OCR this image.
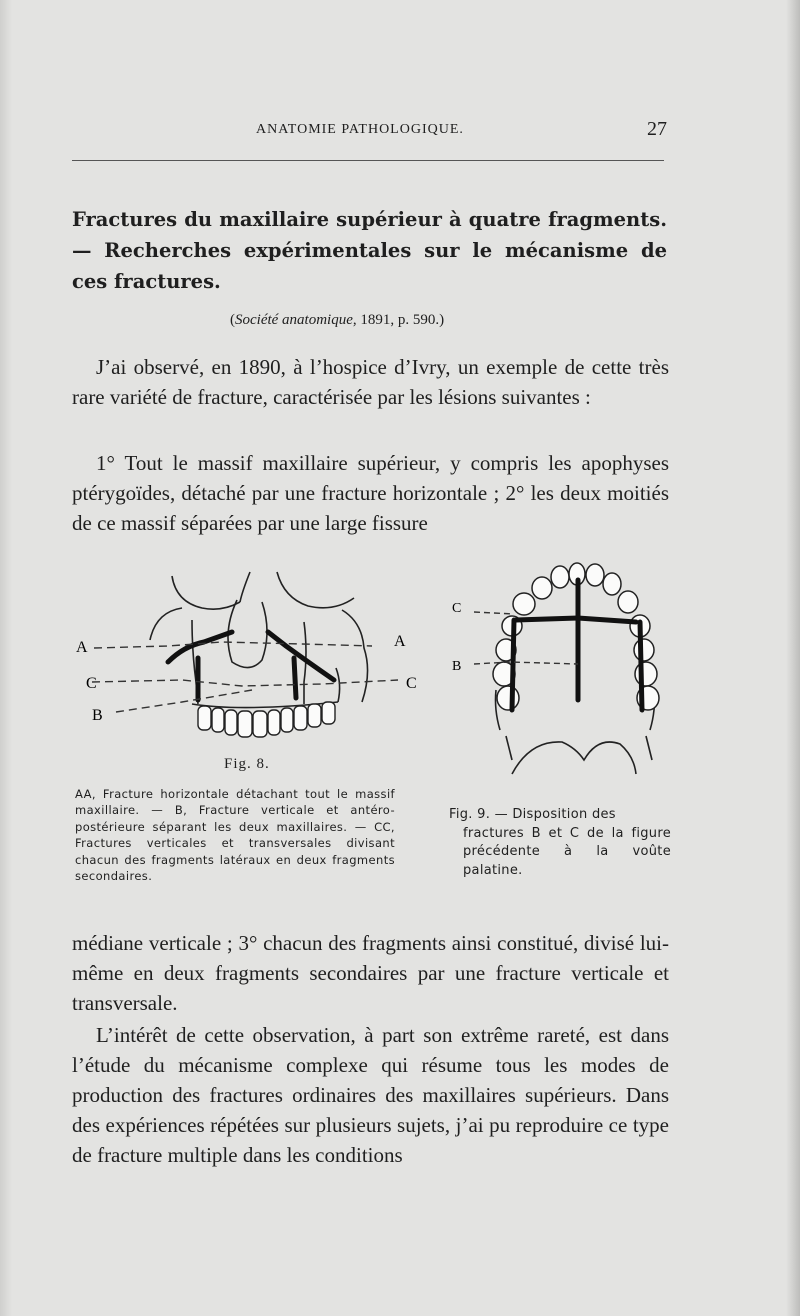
ANATOMIE PATHOLOGIQUE.	27
Fractures du maxillaire supérieur à quatre fragments. — Recherches expérimentales sur le mécanisme de ces fractures.
(Société anatomique, 1891, p. 590.)

J’ai observé, en 1890, à l’hospice d’Ivry, un exemple de cette très rare variété de fracture, caractérisée par les lésions suivantes :

1° Tout le massif maxillaire supérieur, y compris les apophyses ptérygoïdes, détaché par une fracture horizontale ; 2° les deux moitiés de ce massif séparées par une large fissure

A	A
C	C
B
Fig. 8.
C
B

AA, Fracture horizontale détachant tout le massif maxillaire. — B, Fracture verticale et antéro-postérieure séparant les deux maxillaires. — CC, Fractures verticales et transversales divisant chacun des fragments latéraux en deux fragments secondaires.

Fig. 9. — Disposition des
fractures B et C de la figure précédente à la voûte palatine.

médiane verticale ; 3° chacun des fragments ainsi constitué, divisé lui-même en deux fragments secondaires par une fracture verticale et transversale.

L’intérêt de cette observation, à part son extrême rareté, est dans l’étude du mécanisme complexe qui résume tous les modes de production des fractures ordinaires des maxillaires supérieurs. Dans des expériences répétées sur plusieurs sujets, j’ai pu reproduire ce type de fracture multiple dans les conditions
